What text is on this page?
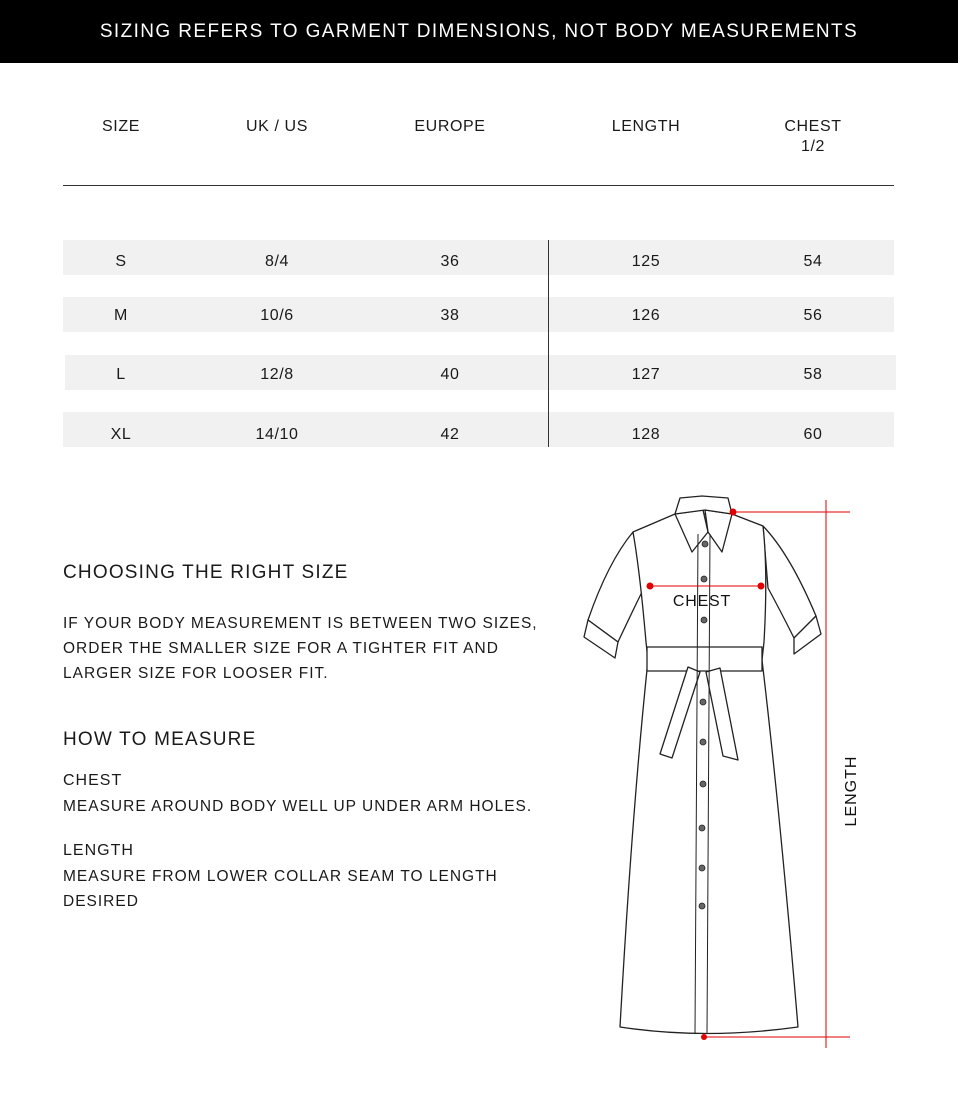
SIZING REFERS TO GARMENT DIMENSIONS, NOT BODY MEASUREMENTS
SIZE	UK / US	EUROPE	LENGTH	CHEST
1/2
S	8/4	36	125	54
M	10/6	38	126	56
L	12/8	40	127	58
XL	14/10	42	128	60
CHOOSING THE RIGHT SIZE
IF YOUR BODY MEASUREMENT IS BETWEEN TWO SIZES,
ORDER THE SMALLER SIZE FOR A TIGHTER FIT AND
LARGER SIZE FOR LOOSER FIT.
HOW TO MEASURE
CHEST
MEASURE AROUND BODY WELL UP UNDER ARM HOLES.
LENGTH
MEASURE FROM LOWER COLLAR SEAM TO LENGTH
DESIRED
CHEST
LENGTH
